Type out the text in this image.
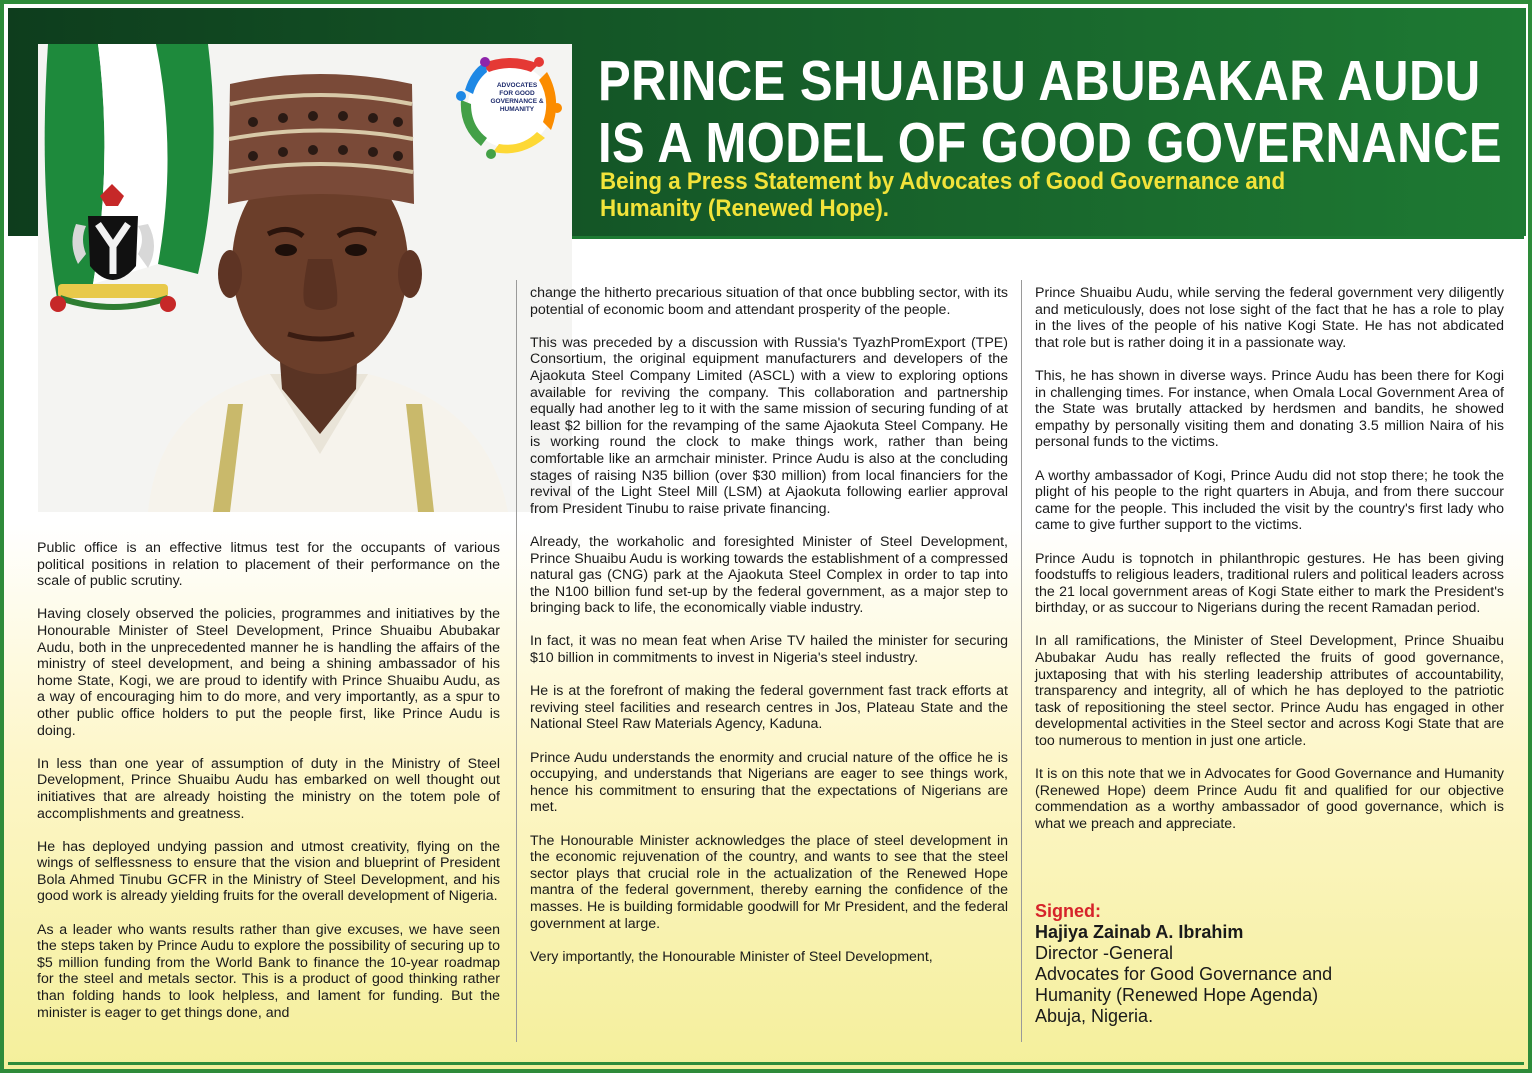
ADVOCATES
FOR GOOD
GOVERNANCE &
HUMANITY PRINCE SHUAIBU ABUBAKAR AUDU
IS A MODEL OF GOOD GOVERNANCE
Being a Press Statement by Advocates of Good Governance and
Humanity (Renewed Hope).

Public office is an effective litmus test for the occupants of various political positions in relation to placement of their performance on the scale of public scrutiny.

Having closely observed the policies, programmes and initiatives by the Honourable Minister of Steel Development, Prince Shuaibu Abubakar Audu, both in the unprecedented manner he is handling the affairs of the ministry of steel development, and being a shining ambassador of his home State, Kogi, we are proud to identify with Prince Shuaibu Audu, as a way of encouraging him to do more, and very importantly, as a spur to other public office holders to put the people first, like Prince Audu is doing.

In less than one year of assumption of duty in the Ministry of Steel Development, Prince Shuaibu Audu has embarked on well thought out initiatives that are already hoisting the ministry on the totem pole of accomplishments and greatness.

He has deployed undying passion and utmost creativity, flying on the wings of selflessness to ensure that the vision and blueprint of President Bola Ahmed Tinubu GCFR in the Ministry of Steel Development, and his good work is already yielding fruits for the overall development of Nigeria.

As a leader who wants results rather than give excuses, we have seen the steps taken by Prince Audu to explore the possibility of securing up to $5 million funding from the World Bank to finance the 10-year roadmap for the steel and metals sector. This is a product of good thinking rather than folding hands to look helpless, and lament for funding. But the minister is eager to get things done, and

change the hitherto precarious situation of that once bubbling sector, with its potential of economic boom and attendant prosperity of the people.

This was preceded by a discussion with Russia's TyazhPromExport (TPE) Consortium, the original equipment manufacturers and developers of the Ajaokuta Steel Company Limited (ASCL) with a view to exploring options available for reviving the company. This collaboration and partnership equally had another leg to it with the same mission of securing funding of at least $2 billion for the revamping of the same Ajaokuta Steel Company. He is working round the clock to make things work, rather than being comfortable like an armchair minister. Prince Audu is also at the concluding stages of raising N35 billion (over $30 million) from local financiers for the revival of the Light Steel Mill (LSM) at Ajaokuta following earlier approval from President Tinubu to raise private financing.

Already, the workaholic and foresighted Minister of Steel Development, Prince Shuaibu Audu is working towards the establishment of a compressed natural gas (CNG) park at the Ajaokuta Steel Complex in order to tap into the N100 billion fund set-up by the federal government, as a major step to bringing back to life, the economically viable industry.

In fact, it was no mean feat when Arise TV hailed the minister for securing $10 billion in commitments to invest in Nigeria's steel industry.

He is at the forefront of making the federal government fast track efforts at reviving steel facilities and research centres in Jos, Plateau State and the National Steel Raw Materials Agency, Kaduna.

Prince Audu understands the enormity and crucial nature of the office he is occupying, and understands that Nigerians are eager to see things work, hence his commitment to ensuring that the expectations of Nigerians are met.

The Honourable Minister acknowledges the place of steel development in the economic rejuvenation of the country, and wants to see that the steel sector plays that crucial role in the actualization of the Renewed Hope mantra of the federal government, thereby earning the confidence of the masses. He is building formidable goodwill for Mr President, and the federal government at large.

Very importantly, the Honourable Minister of Steel Development,

Prince Shuaibu Audu, while serving the federal government very diligently and meticulously, does not lose sight of the fact that he has a role to play in the lives of the people of his native Kogi State. He has not abdicated that role but is rather doing it in a passionate way.

This, he has shown in diverse ways. Prince Audu has been there for Kogi in challenging times. For instance, when Omala Local Government Area of the State was brutally attacked by herdsmen and bandits, he showed empathy by personally visiting them and donating 3.5 million Naira of his personal funds to the victims.

A worthy ambassador of Kogi, Prince Audu did not stop there; he took the plight of his people to the right quarters in Abuja, and from there succour came for the people. This included the visit by the country's first lady who came to give further support to the victims.

Prince Audu is topnotch in philanthropic gestures. He has been giving foodstuffs to religious leaders, traditional rulers and political leaders across the 21 local government areas of Kogi State either to mark the President's birthday, or as succour to Nigerians during the recent Ramadan period.

In all ramifications, the Minister of Steel Development, Prince Shuaibu Abubakar Audu has really reflected the fruits of good governance, juxtaposing that with his sterling leadership attributes of accountability, transparency and integrity, all of which he has deployed to the patriotic task of repositioning the steel sector. Prince Audu has engaged in other developmental activities in the Steel sector and across Kogi State that are too numerous to mention in just one article.

It is on this note that we in Advocates for Good Governance and Humanity (Renewed Hope) deem Prince Audu fit and qualified for our objective commendation as a worthy ambassador of good governance, which is what we preach and appreciate.

Signed:
Hajiya Zainab A. Ibrahim
Director -General
Advocates for Good Governance and
Humanity (Renewed Hope Agenda)
Abuja, Nigeria.
